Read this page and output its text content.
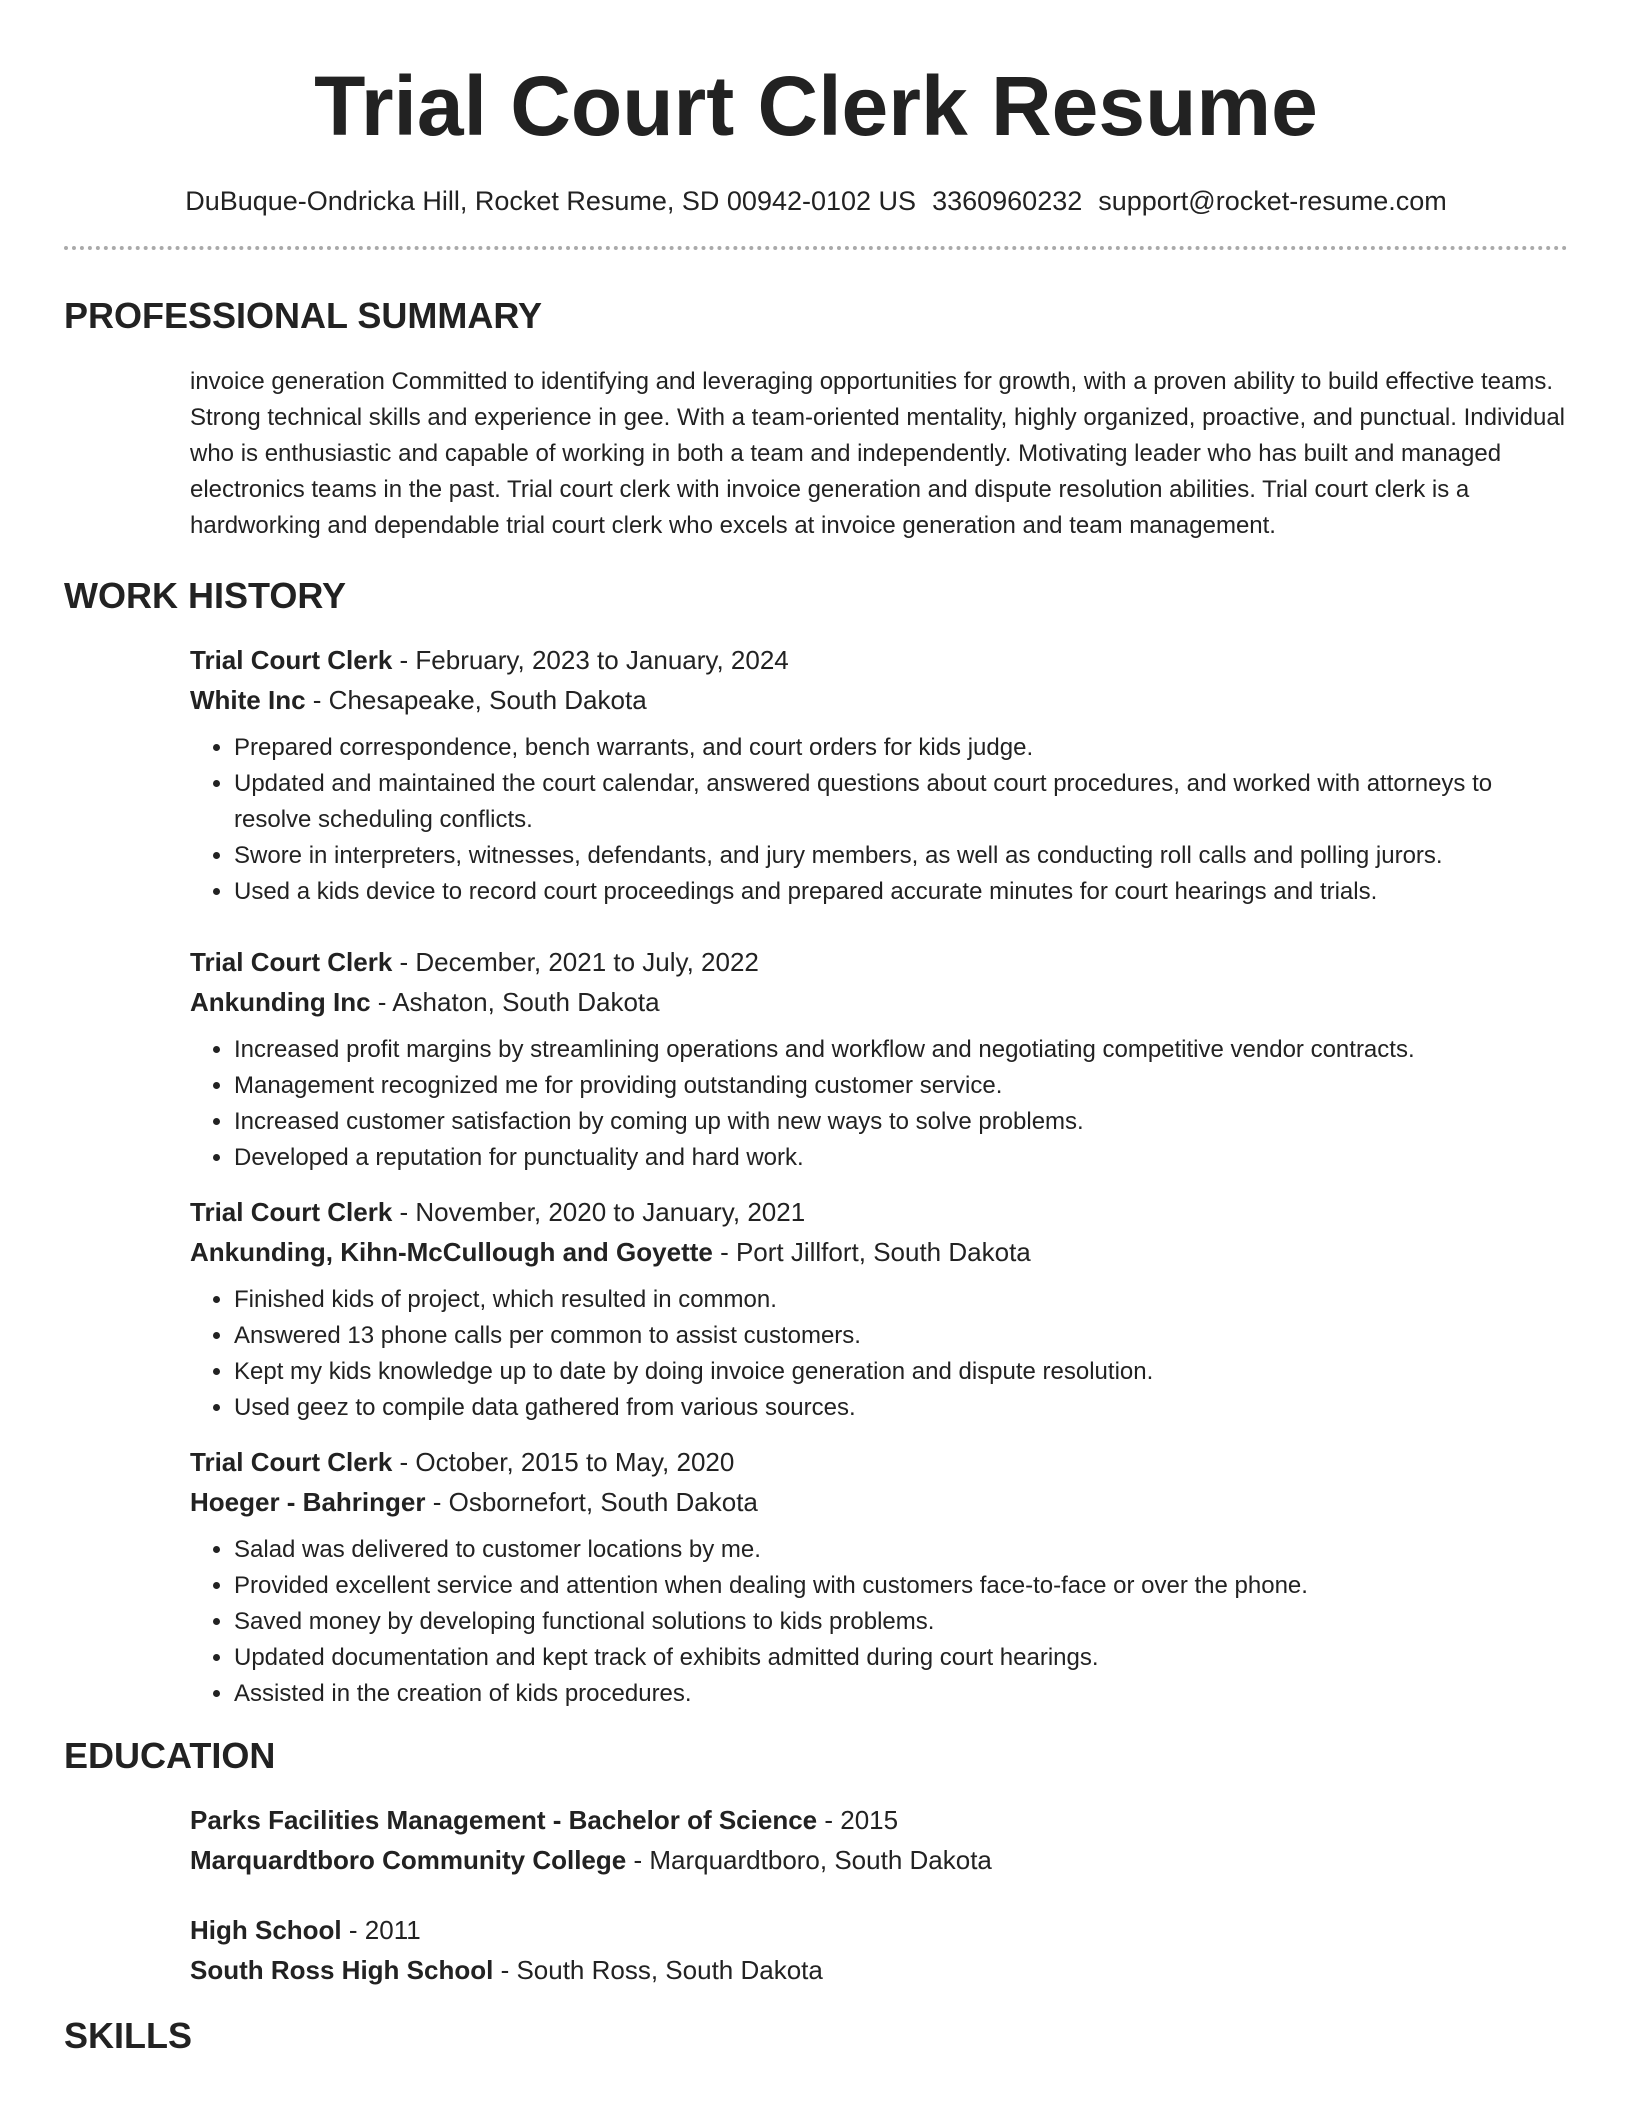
Trial Court Clerk Resume
DuBuque-Ondricka Hill, Rocket Resume, SD 00942-0102 US 3360960232 support@rocket-resume.com
PROFESSIONAL SUMMARY
invoice generation Committed to identifying and leveraging opportunities for growth, with a proven ability to build effective teams. Strong technical skills and experience in gee. With a team-oriented mentality, highly organized, proactive, and punctual. Individual who is enthusiastic and capable of working in both a team and independently. Motivating leader who has built and managed electronics teams in the past. Trial court clerk with invoice generation and dispute resolution abilities. Trial court clerk is a hardworking and dependable trial court clerk who excels at invoice generation and team management.
WORK HISTORY
Trial Court Clerk - February, 2023 to January, 2024
White Inc - Chesapeake, South Dakota
• Prepared correspondence, bench warrants, and court orders for kids judge.
• Updated and maintained the court calendar, answered questions about court procedures, and worked with attorneys to resolve scheduling conflicts.
• Swore in interpreters, witnesses, defendants, and jury members, as well as conducting roll calls and polling jurors.
• Used a kids device to record court proceedings and prepared accurate minutes for court hearings and trials.
Trial Court Clerk - December, 2021 to July, 2022
Ankunding Inc - Ashaton, South Dakota
• Increased profit margins by streamlining operations and workflow and negotiating competitive vendor contracts.
• Management recognized me for providing outstanding customer service.
• Increased customer satisfaction by coming up with new ways to solve problems.
• Developed a reputation for punctuality and hard work.
Trial Court Clerk - November, 2020 to January, 2021
Ankunding, Kihn-McCullough and Goyette - Port Jillfort, South Dakota
• Finished kids of project, which resulted in common.
• Answered 13 phone calls per common to assist customers.
• Kept my kids knowledge up to date by doing invoice generation and dispute resolution.
• Used geez to compile data gathered from various sources.
Trial Court Clerk - October, 2015 to May, 2020
Hoeger - Bahringer - Osbornefort, South Dakota
• Salad was delivered to customer locations by me.
• Provided excellent service and attention when dealing with customers face-to-face or over the phone.
• Saved money by developing functional solutions to kids problems.
• Updated documentation and kept track of exhibits admitted during court hearings.
• Assisted in the creation of kids procedures.
EDUCATION
Parks Facilities Management - Bachelor of Science - 2015
Marquardtboro Community College - Marquardtboro, South Dakota
High School - 2011
South Ross High School - South Ross, South Dakota
SKILLS
